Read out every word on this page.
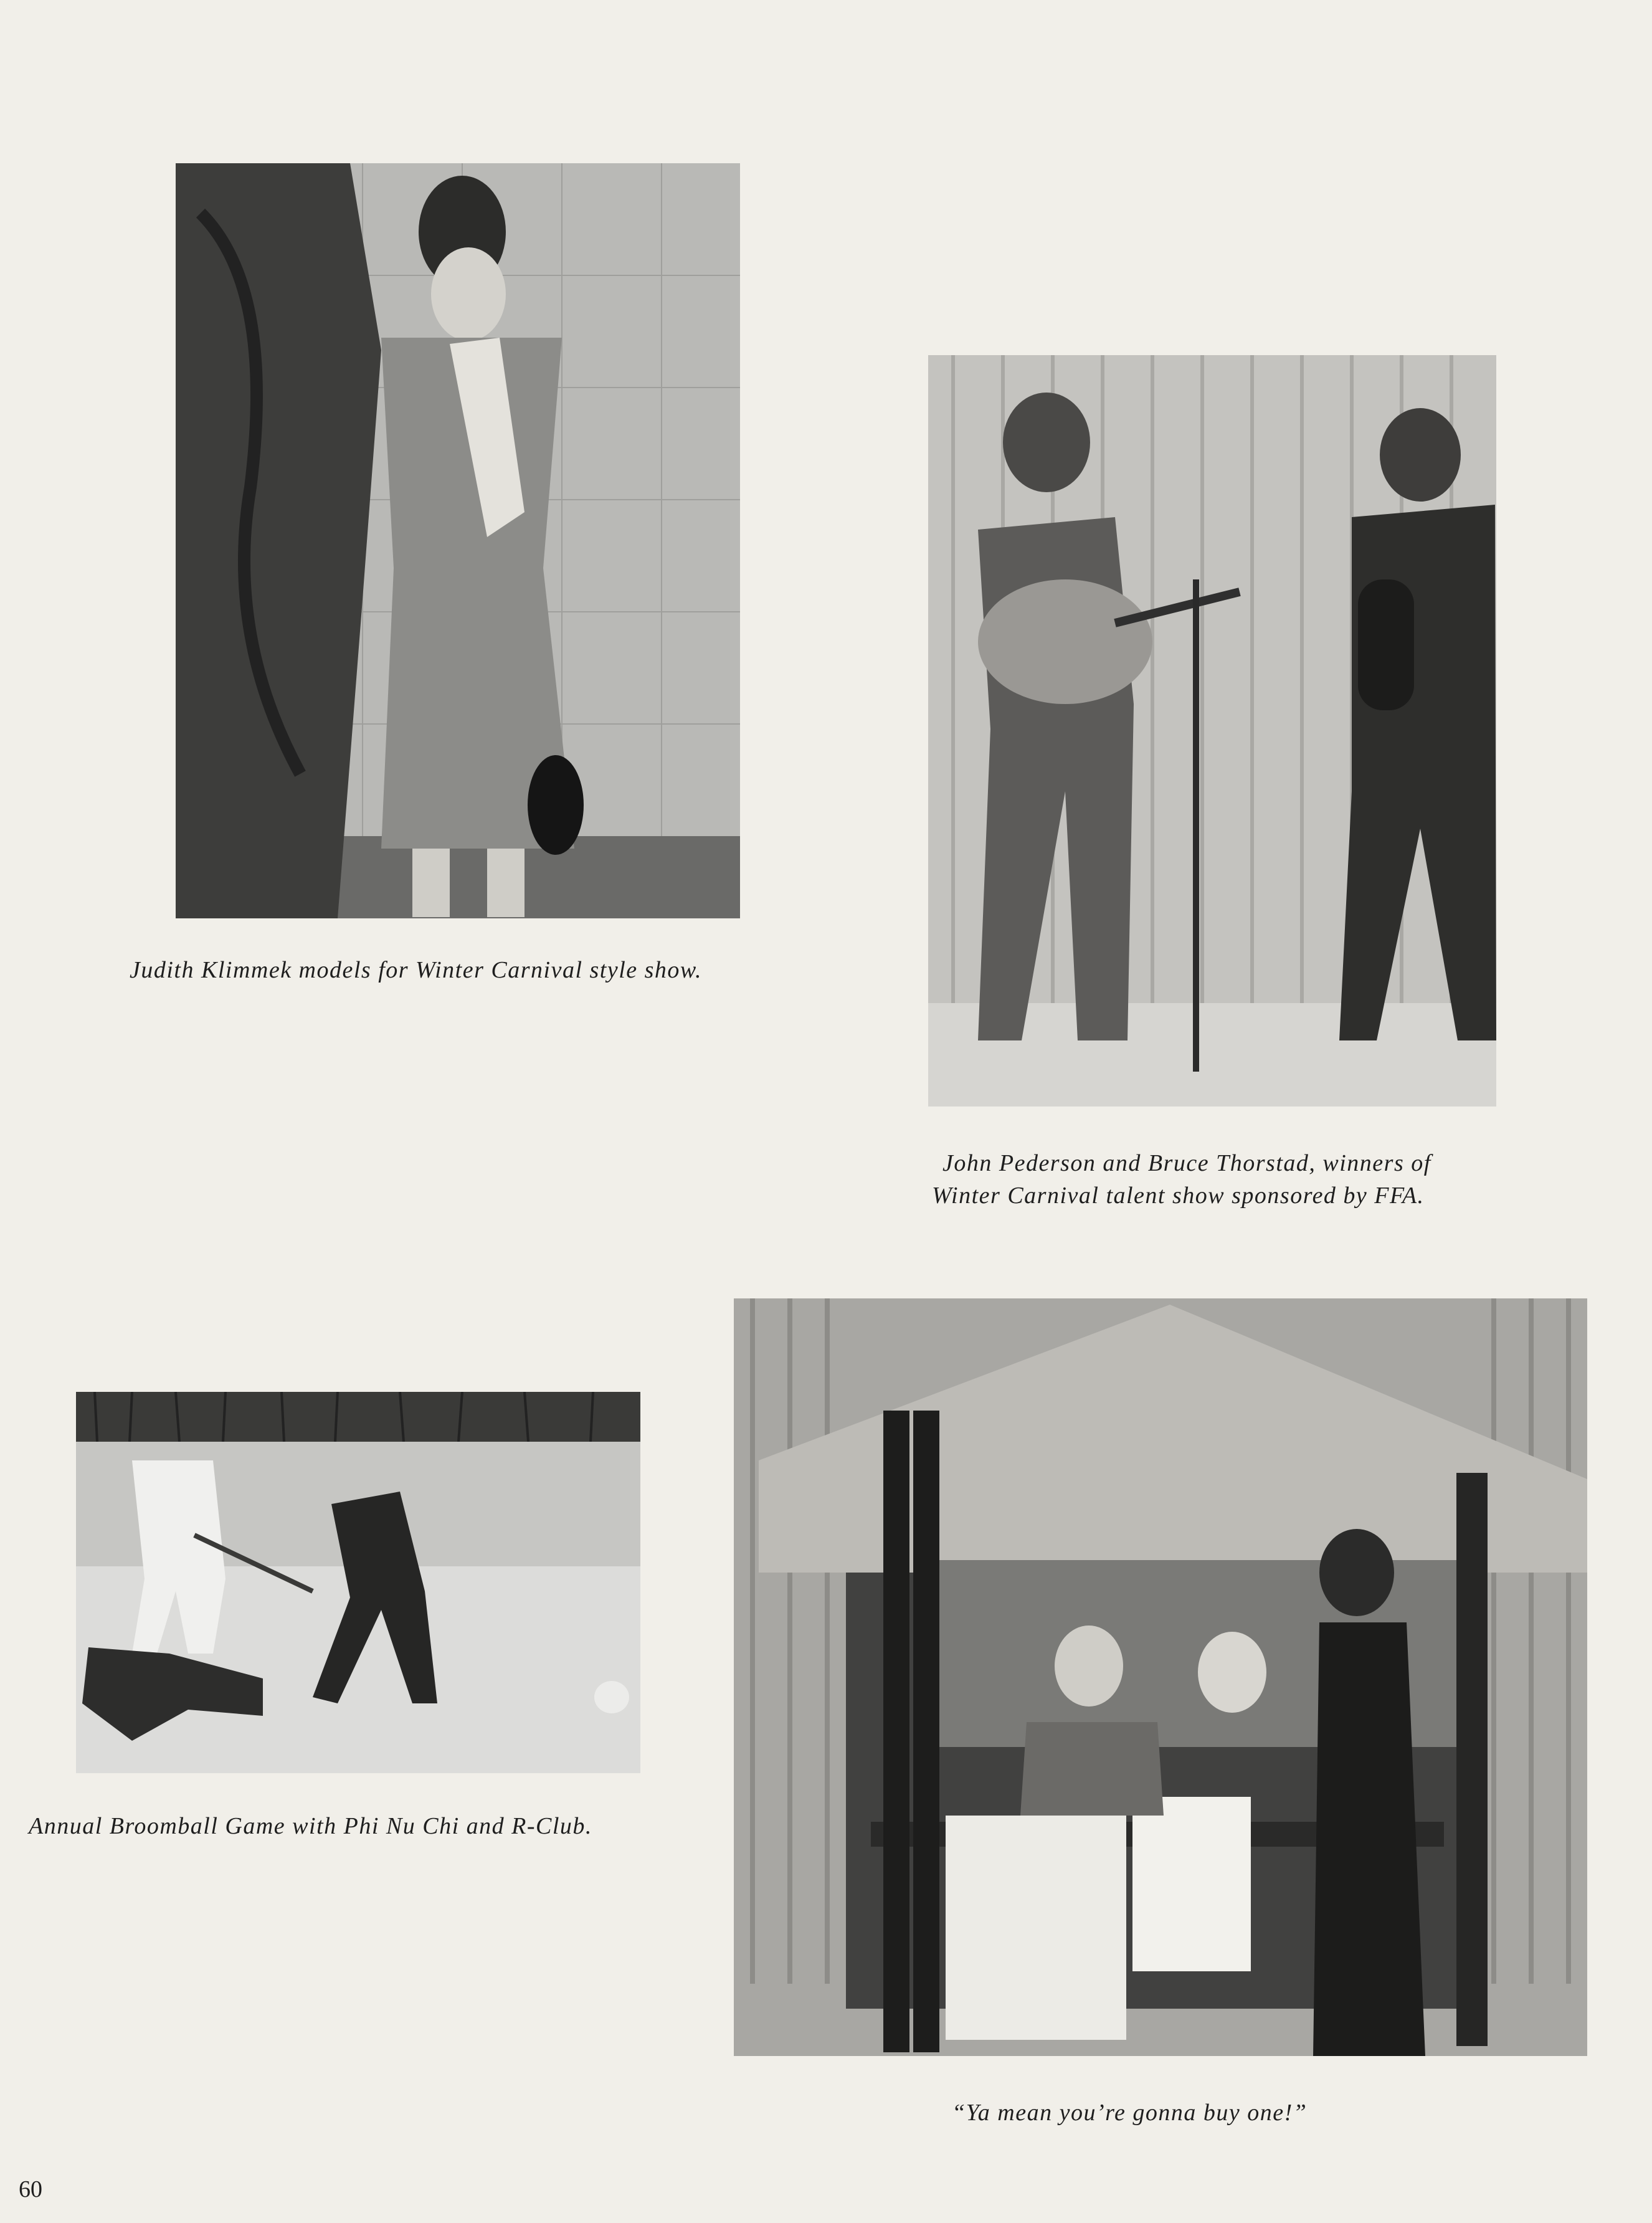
Judith Klimmek models for Winter Carnival style show.
John Pederson and Bruce Thorstad, winners of
Winter Carnival talent show sponsored by FFA.
Annual Broomball Game with Phi Nu Chi and R-Club.
“Ya mean you’re gonna buy one!”
60
